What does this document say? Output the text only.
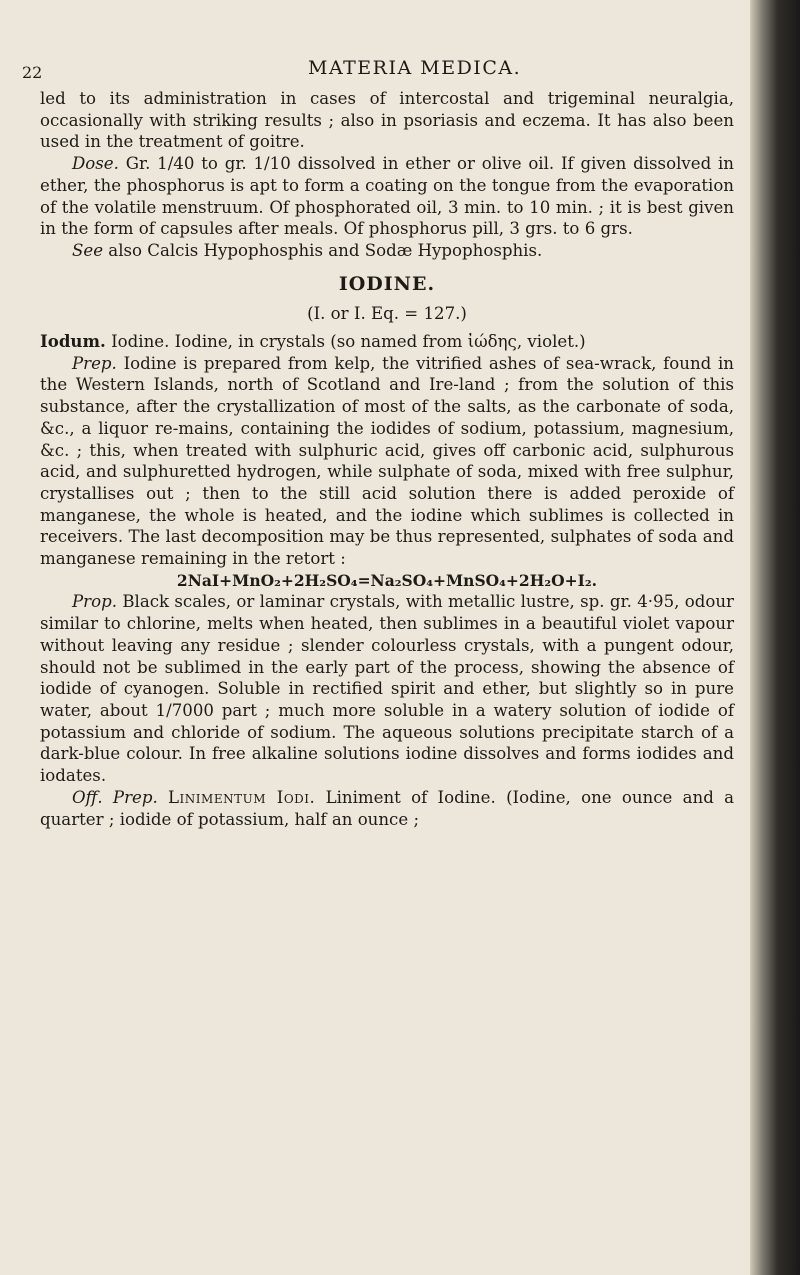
22	MATERIA MEDICA.

led to its administration in cases of intercostal and trigeminal neuralgia, occasionally with striking results ; also in psoriasis and eczema. It has also been used in the treatment of goitre.

Dose. Gr. 1/40 to gr. 1/10 dissolved in ether or olive oil. If given dissolved in ether, the phosphorus is apt to form a coating on the tongue from the evaporation of the volatile menstruum. Of phosphorated oil, 3 min. to 10 min. ; it is best given in the form of capsules after meals. Of phosphorus pill, 3 grs. to 6 grs.

See also Calcis Hypophosphis and Sodæ Hypophosphis.

IODINE.

(I. or I. Eq. = 127.)

Iodum. Iodine. Iodine, in crystals (so named from ἰώδης, violet.)

Prep. Iodine is prepared from kelp, the vitrified ashes of sea-wrack, found in the Western Islands, north of Scotland and Ire-land ; from the solution of this substance, after the crystallization of most of the salts, as the carbonate of soda, &c., a liquor re-mains, containing the iodides of sodium, potassium, magnesium, &c. ; this, when treated with sulphuric acid, gives off carbonic acid, sulphurous acid, and sulphuretted hydrogen, while sulphate of soda, mixed with free sulphur, crystallises out ; then to the still acid solution there is added peroxide of manganese, the whole is heated, and the iodine which sublimes is collected in receivers. The last decomposition may be thus represented, sulphates of soda and manganese remaining in the retort :

2NaI+MnO₂+2H₂SO₄=Na₂SO₄+MnSO₄+2H₂O+I₂.

Prop. Black scales, or laminar crystals, with metallic lustre, sp. gr. 4·95, odour similar to chlorine, melts when heated, then sublimes in a beautiful violet vapour without leaving any residue ; slender colourless crystals, with a pungent odour, should not be sublimed in the early part of the process, showing the absence of iodide of cyanogen. Soluble in rectified spirit and ether, but slightly so in pure water, about 1/7000 part ; much more soluble in a watery solution of iodide of potassium and chloride of sodium. The aqueous solutions precipitate starch of a dark-blue colour. In free alkaline solutions iodine dissolves and forms iodides and iodates.

Off. Prep. Linimentum Iodi. Liniment of Iodine. (Iodine, one ounce and a quarter ; iodide of potassium, half an ounce ;
